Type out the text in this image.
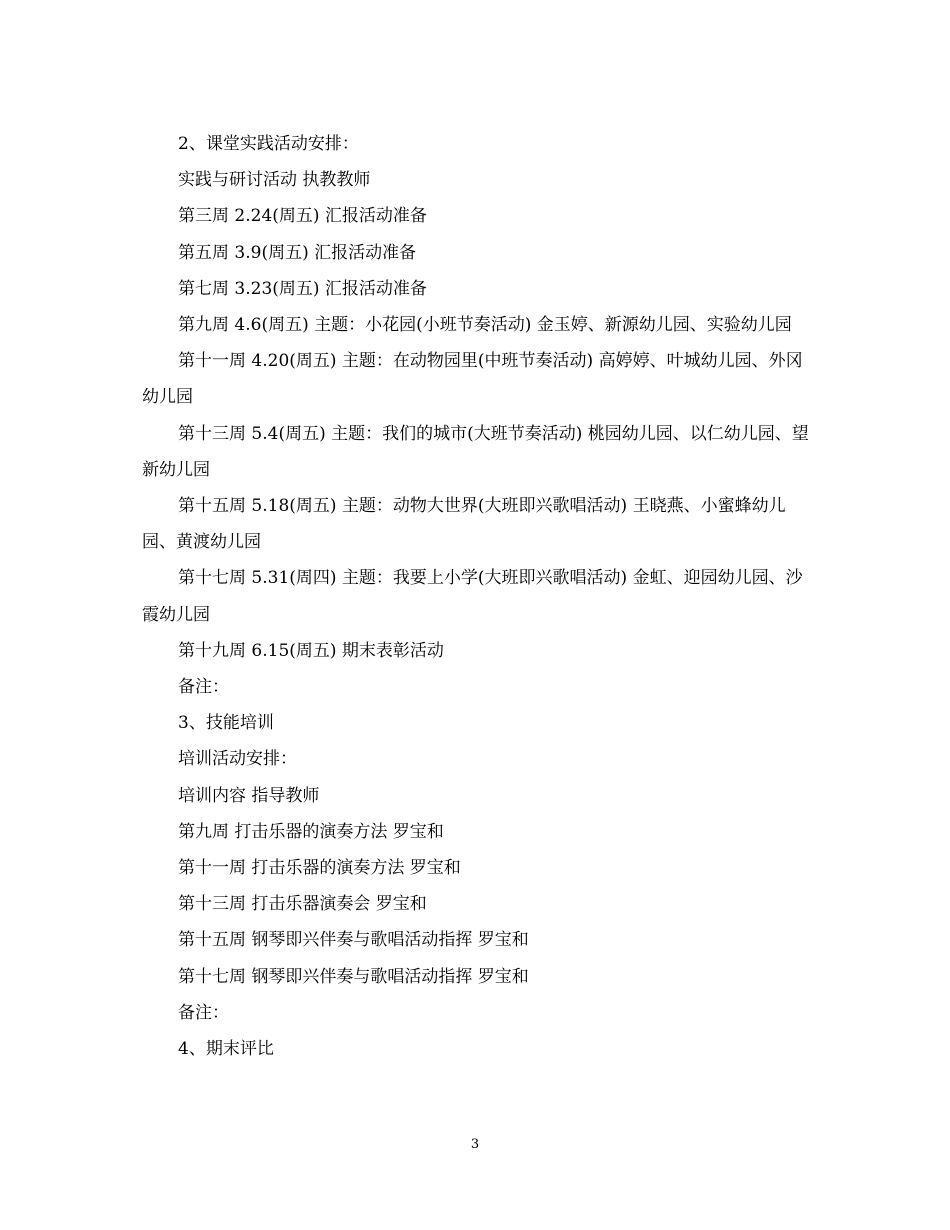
2、课堂实践活动安排：

实践与研讨活动 执教教师

第三周 2.24(周五) 汇报活动准备

第五周 3.9(周五) 汇报活动准备

第七周 3.23(周五) 汇报活动准备

第九周 4.6(周五) 主题：小花园(小班节奏活动) 金玉婷、新源幼儿园、实验幼儿园

第十一周 4.20(周五) 主题：在动物园里(中班节奏活动) 高婷婷、叶城幼儿园、外冈幼儿园

第十三周 5.4(周五) 主题：我们的城市(大班节奏活动) 桃园幼儿园、以仁幼儿园、望新幼儿园

第十五周 5.18(周五) 主题：动物大世界(大班即兴歌唱活动) 王晓燕、小蜜蜂幼儿园、黄渡幼儿园

第十七周 5.31(周四) 主题：我要上小学(大班即兴歌唱活动) 金虹、迎园幼儿园、沙霞幼儿园

第十九周 6.15(周五) 期末表彰活动

备注：

3、技能培训

培训活动安排：

培训内容 指导教师

第九周 打击乐器的演奏方法 罗宝和

第十一周 打击乐器的演奏方法 罗宝和

第十三周 打击乐器演奏会 罗宝和

第十五周 钢琴即兴伴奏与歌唱活动指挥 罗宝和

第十七周 钢琴即兴伴奏与歌唱活动指挥 罗宝和

备注：

4、期末评比

3
